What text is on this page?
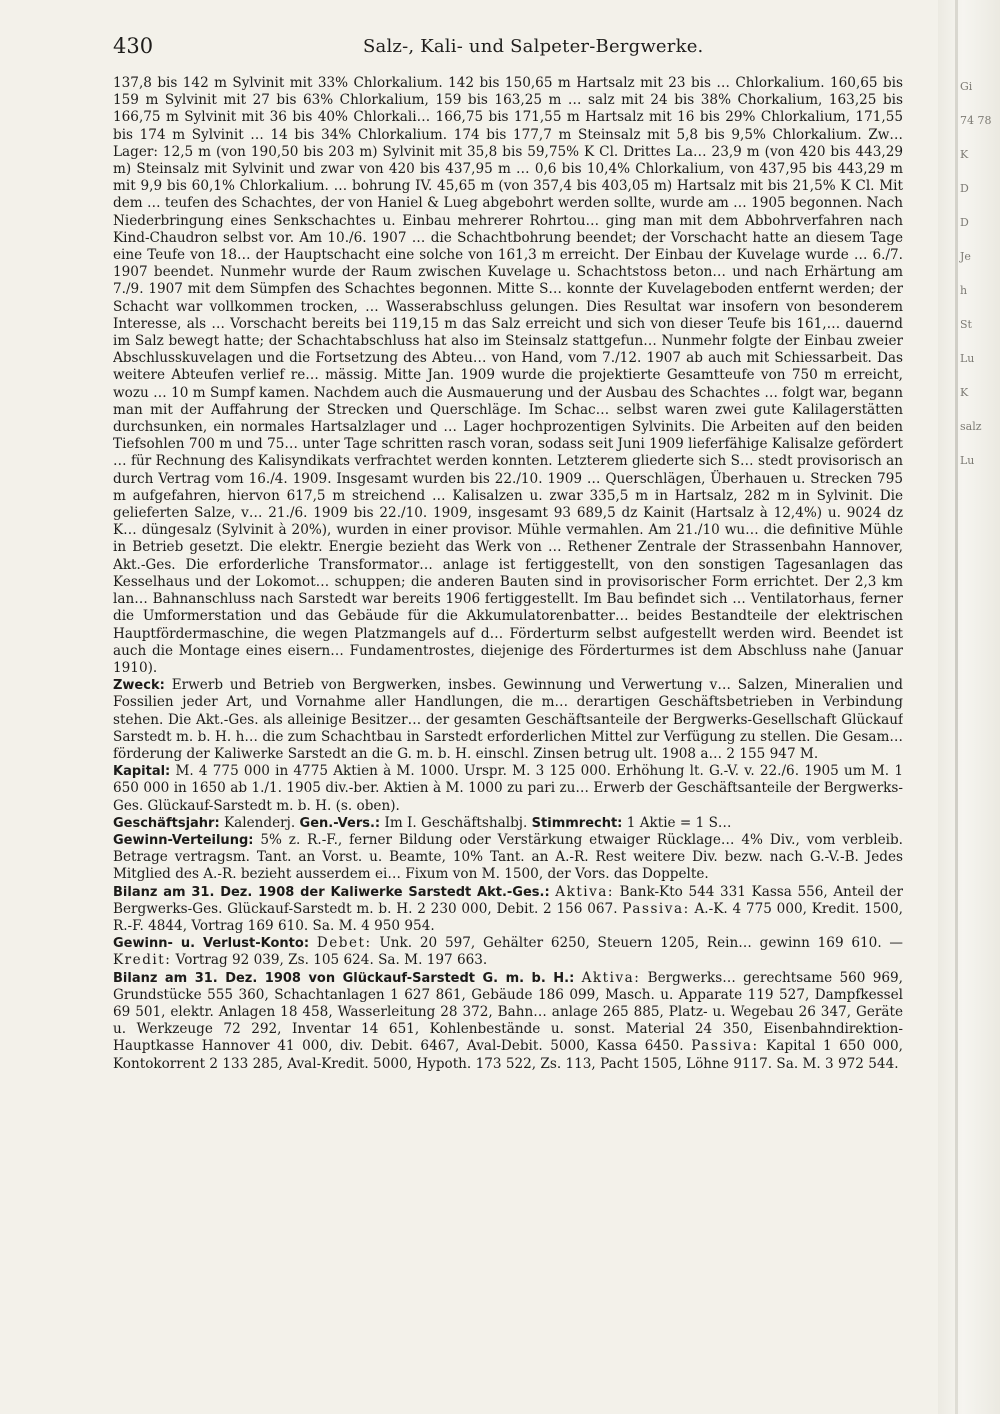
430	Salz-, Kali- und Salpeter-Bergwerke.

137,8 bis 142 m Sylvinit mit 33% Chlorkalium. 142 bis 150,65 m Hartsalz mit 23 bis … Chlorkalium. 160,65 bis 159 m Sylvinit mit 27 bis 63% Chlorkalium, 159 bis 163,25 m … salz mit 24 bis 38% Chorkalium, 163,25 bis 166,75 m Sylvinit mit 36 bis 40% Chlorkali… 166,75 bis 171,55 m Hartsalz mit 16 bis 29% Chlorkalium, 171,55 bis 174 m Sylvinit … 14 bis 34% Chlorkalium. 174 bis 177,7 m Steinsalz mit 5,8 bis 9,5% Chlorkalium. Zw… Lager: 12,5 m (von 190,50 bis 203 m) Sylvinit mit 35,8 bis 59,75% K Cl. Drittes La… 23,9 m (von 420 bis 443,29 m) Steinsalz mit Sylvinit und zwar von 420 bis 437,95 m … 0,6 bis 10,4% Chlorkalium, von 437,95 bis 443,29 m mit 9,9 bis 60,1% Chlorkalium. … bohrung IV. 45,65 m (von 357,4 bis 403,05 m) Hartsalz mit bis 21,5% K Cl. Mit dem … teufen des Schachtes, der von Haniel & Lueg abgebohrt werden sollte, wurde am … 1905 begonnen. Nach Niederbringung eines Senkschachtes u. Einbau mehrerer Rohrtou… ging man mit dem Abbohrverfahren nach Kind-Chaudron selbst vor. Am 10./6. 1907 … die Schachtbohrung beendet; der Vorschacht hatte an diesem Tage eine Teufe von 18… der Hauptschacht eine solche von 161,3 m erreicht. Der Einbau der Kuvelage wurde … 6./7. 1907 beendet. Nunmehr wurde der Raum zwischen Kuvelage u. Schachtstoss beton… und nach Erhärtung am 7./9. 1907 mit dem Sümpfen des Schachtes begonnen. Mitte S… konnte der Kuvelageboden entfernt werden; der Schacht war vollkommen trocken, … Wasserabschluss gelungen. Dies Resultat war insofern von besonderem Interesse, als … Vorschacht bereits bei 119,15 m das Salz erreicht und sich von dieser Teufe bis 161,… dauernd im Salz bewegt hatte; der Schachtabschluss hat also im Steinsalz stattgefun… Nunmehr folgte der Einbau zweier Abschlusskuvelagen und die Fortsetzung des Abteu… von Hand, vom 7./12. 1907 ab auch mit Schiessarbeit. Das weitere Abteufen verlief re… mässig. Mitte Jan. 1909 wurde die projektierte Gesamtteufe von 750 m erreicht, wozu … 10 m Sumpf kamen. Nachdem auch die Ausmauerung und der Ausbau des Schachtes … folgt war, begann man mit der Auffahrung der Strecken und Querschläge. Im Schac… selbst waren zwei gute Kalilagerstätten durchsunken, ein normales Hartsalzlager und … Lager hochprozentigen Sylvinits. Die Arbeiten auf den beiden Tiefsohlen 700 m und 75… unter Tage schritten rasch voran, sodass seit Juni 1909 lieferfähige Kalisalze gefördert … für Rechnung des Kalisyndikats verfrachtet werden konnten. Letzterem gliederte sich S… stedt provisorisch an durch Vertrag vom 16./4. 1909. Insgesamt wurden bis 22./10. 1909 … Querschlägen, Überhauen u. Strecken 795 m aufgefahren, hiervon 617,5 m streichend … Kalisalzen u. zwar 335,5 m in Hartsalz, 282 m in Sylvinit. Die gelieferten Salze, v… 21./6. 1909 bis 22./10. 1909, insgesamt 93 689,5 dz Kainit (Hartsalz à 12,4%) u. 9024 dz K… düngesalz (Sylvinit à 20%), wurden in einer provisor. Mühle vermahlen. Am 21./10 wu… die definitive Mühle in Betrieb gesetzt. Die elektr. Energie bezieht das Werk von … Rethener Zentrale der Strassenbahn Hannover, Akt.-Ges. Die erforderliche Transformator… anlage ist fertiggestellt, von den sonstigen Tagesanlagen das Kesselhaus und der Lokomot… schuppen; die anderen Bauten sind in provisorischer Form errichtet. Der 2,3 km lan… Bahnanschluss nach Sarstedt war bereits 1906 fertiggestellt. Im Bau befindet sich … Ventilatorhaus, ferner die Umformerstation und das Gebäude für die Akkumulatorenbatter… beides Bestandteile der elektrischen Hauptfördermaschine, die wegen Platzmangels auf d… Förderturm selbst aufgestellt werden wird. Beendet ist auch die Montage eines eisern… Fundamentrostes, diejenige des Förderturmes ist dem Abschluss nahe (Januar 1910).

Zweck: Erwerb und Betrieb von Bergwerken, insbes. Gewinnung und Verwertung v… Salzen, Mineralien und Fossilien jeder Art, und Vornahme aller Handlungen, die m… derartigen Geschäftsbetrieben in Verbindung stehen. Die Akt.-Ges. als alleinige Besitzer… der gesamten Geschäftsanteile der Bergwerks-Gesellschaft Glückauf Sarstedt m. b. H. h… die zum Schachtbau in Sarstedt erforderlichen Mittel zur Verfügung zu stellen. Die Gesam… förderung der Kaliwerke Sarstedt an die G. m. b. H. einschl. Zinsen betrug ult. 1908 a… 2 155 947 M.

Kapital: M. 4 775 000 in 4775 Aktien à M. 1000. Urspr. M. 3 125 000. Erhöhung lt. G.-V. v. 22./6. 1905 um M. 1 650 000 in 1650 ab 1./1. 1905 div.-ber. Aktien à M. 1000 zu pari zu… Erwerb der Geschäftsanteile der Bergwerks-Ges. Glückauf-Sarstedt m. b. H. (s. oben).

Geschäftsjahr: Kalenderj. Gen.-Vers.: Im I. Geschäftshalbj. Stimmrecht: 1 Aktie = 1 S…

Gewinn-Verteilung: 5% z. R.-F., ferner Bildung oder Verstärkung etwaiger Rücklage… 4% Div., vom verbleib. Betrage vertragsm. Tant. an Vorst. u. Beamte, 10% Tant. an A.-R. Rest weitere Div. bezw. nach G.-V.-B. Jedes Mitglied des A.-R. bezieht ausserdem ei… Fixum von M. 1500, der Vors. das Doppelte.

Bilanz am 31. Dez. 1908 der Kaliwerke Sarstedt Akt.-Ges.: Aktiva: Bank-Kto 544 331 Kassa 556, Anteil der Bergwerks-Ges. Glückauf-Sarstedt m. b. H. 2 230 000, Debit. 2 156 067. Passiva: A.-K. 4 775 000, Kredit. 1500, R.-F. 4844, Vortrag 169 610. Sa. M. 4 950 954.

Gewinn- u. Verlust-Konto: Debet: Unk. 20 597, Gehälter 6250, Steuern 1205, Rein… gewinn 169 610. — Kredit: Vortrag 92 039, Zs. 105 624. Sa. M. 197 663.

Bilanz am 31. Dez. 1908 von Glückauf-Sarstedt G. m. b. H.: Aktiva: Bergwerks… gerechtsame 560 969, Grundstücke 555 360, Schachtanlagen 1 627 861, Gebäude 186 099, Masch. u. Apparate 119 527, Dampfkessel 69 501, elektr. Anlagen 18 458, Wasserleitung 28 372, Bahn… anlage 265 885, Platz- u. Wegebau 26 347, Geräte u. Werkzeuge 72 292, Inventar 14 651, Kohlenbestände u. sonst. Material 24 350, Eisenbahndirektion-Hauptkasse Hannover 41 000, div. Debit. 6467, Aval-Debit. 5000, Kassa 6450. Passiva: Kapital 1 650 000, Kontokorrent 2 133 285, Aval-Kredit. 5000, Hypoth. 173 522, Zs. 113, Pacht 1505, Löhne 9117. Sa. M. 3 972 544.

Gi
74 78
K
D
D
Je
h
St
Lu
K
salz
Lu
